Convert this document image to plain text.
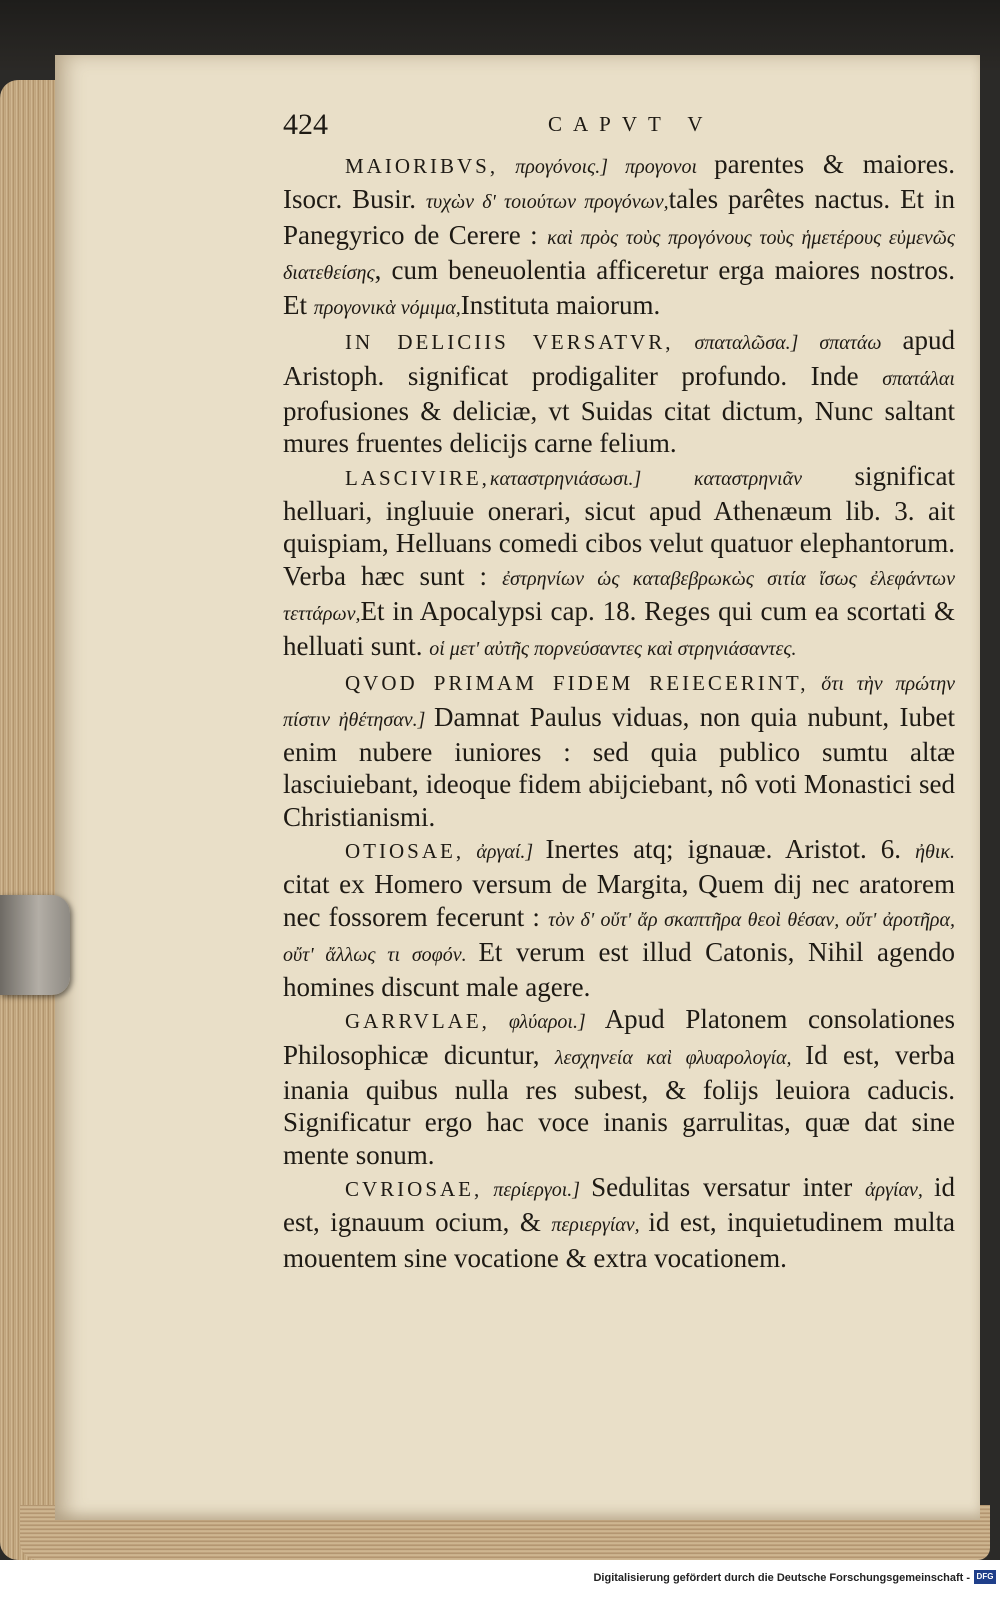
424	CAPVT V

MAIORIBVS, προγόνοις.] προγονοι parentes & maiores. Isocr. Busir. τυχὼν δ' τοιούτων προγόνων,tales parêtes nactus. Et in Panegyrico de Cerere : καὶ πρὸς τοὺς προγόνους τοὺς ἡμετέρους εὐμενῶς διατεθείσης, cum beneuolentia afficeretur erga maiores nostros. Et προγονικὰ νόμιμα,Instituta maiorum.

IN DELICIIS VERSATVR, σπαταλῶσα.] σπατάω apud Aristoph. significat prodigaliter profundo. Inde σπατάλαι profusiones & deliciæ, vt Suidas citat dictum, Nunc saltant mures fruentes delicijs carne felium.

LASCIVIRE,καταστρηνιάσωσι.] καταστρηνιᾶν significat helluari, ingluuie onerari, sicut apud Athenæum lib. 3. ait quispiam, Helluans comedi cibos velut quatuor elephantorum. Verba hæc sunt : ἐστρηνίων ὡς καταβεβρωκὼς σιτία ἴσως ἐλεφάντων τεττάρων,Et in Apocalypsi cap. 18. Reges qui cum ea scortati & helluati sunt. οἱ μετ' αὐτῆς πορνεύσαντες καὶ στρηνιάσαντες.

QVOD PRIMAM FIDEM REIECERINT, ὅτι τὴν πρώτην πίστιν ἠθέτησαν.] Damnat Paulus viduas, non quia nubunt, Iubet enim nubere iuniores : sed quia publico sumtu altæ lasciuiebant, ideoque fidem abijciebant, nô voti Monastici sed Christianismi.

OTIOSAE, ἀργαί.] Inertes atq; ignauæ. Aristot. 6. ἠθικ. citat ex Homero versum de Margita, Quem dij nec aratorem nec fossorem fecerunt : τὸν δ' οὔτ' ἄρ σκαπτῆρα θεοὶ θέσαν, οὔτ' ἀροτῆρα, οὔτ' ἄλλως τι σοφόν. Et verum est illud Catonis, Nihil agendo homines discunt male agere.

GARRVLAE, φλύαροι.] Apud Platonem consolationes Philosophicæ dicuntur, λεσχηνεία καὶ φλυαρολογία, Id est, verba inania quibus nulla res subest, & folijs leuiora caducis. Significatur ergo hac voce inanis garrulitas, quæ dat sine mente sonum.

CVRIOSAE, περίεργοι.] Sedulitas versatur inter ἀργίαν, id est, ignauum ocium, & περιεργίαν, id est, inquietudinem multa mouentem sine vocatione & extra vocationem.

Digitalisierung gefördert durch die Deutsche Forschungsgemeinschaft - DFG
